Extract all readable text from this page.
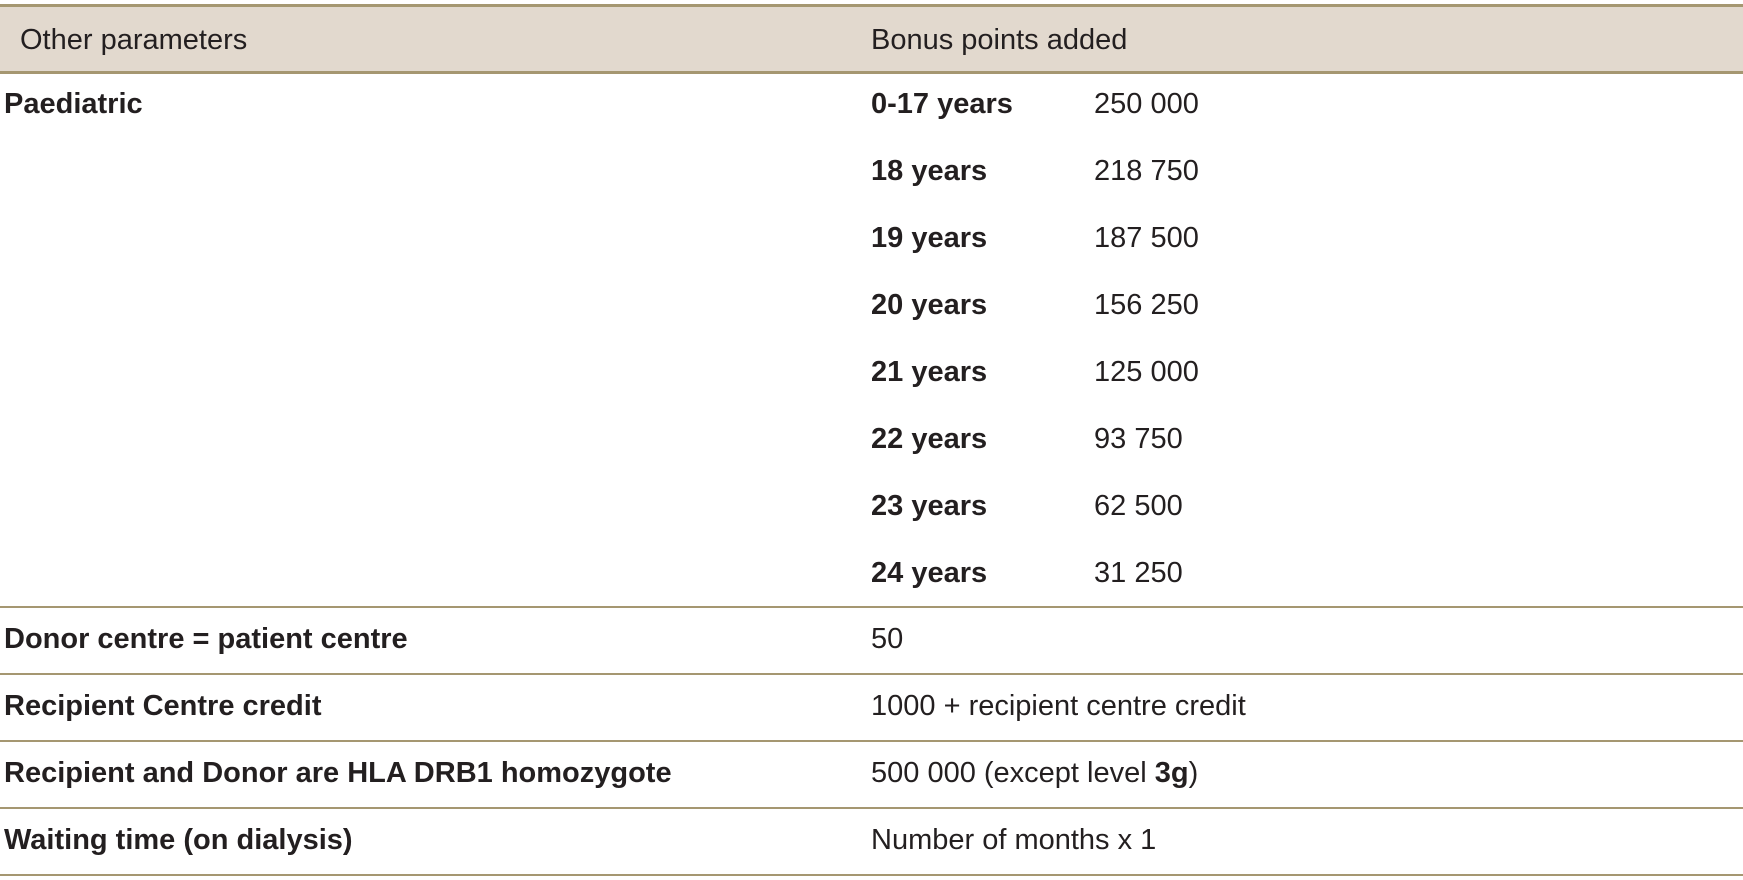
Other parameters	Bonus points added
Paediatric	0-17 years	250 000
18 years	218 750
19 years	187 500
20 years	156 250
21 years	125 000
22 years	93 750
23 years	62 500
24 years	31 250
Donor centre = patient centre	50
Recipient Centre credit	1000 + recipient centre credit
Recipient and Donor are HLA DRB1 homozygote	500 000 (except level 3g)
Waiting time (on dialysis)	Number of months x 1
